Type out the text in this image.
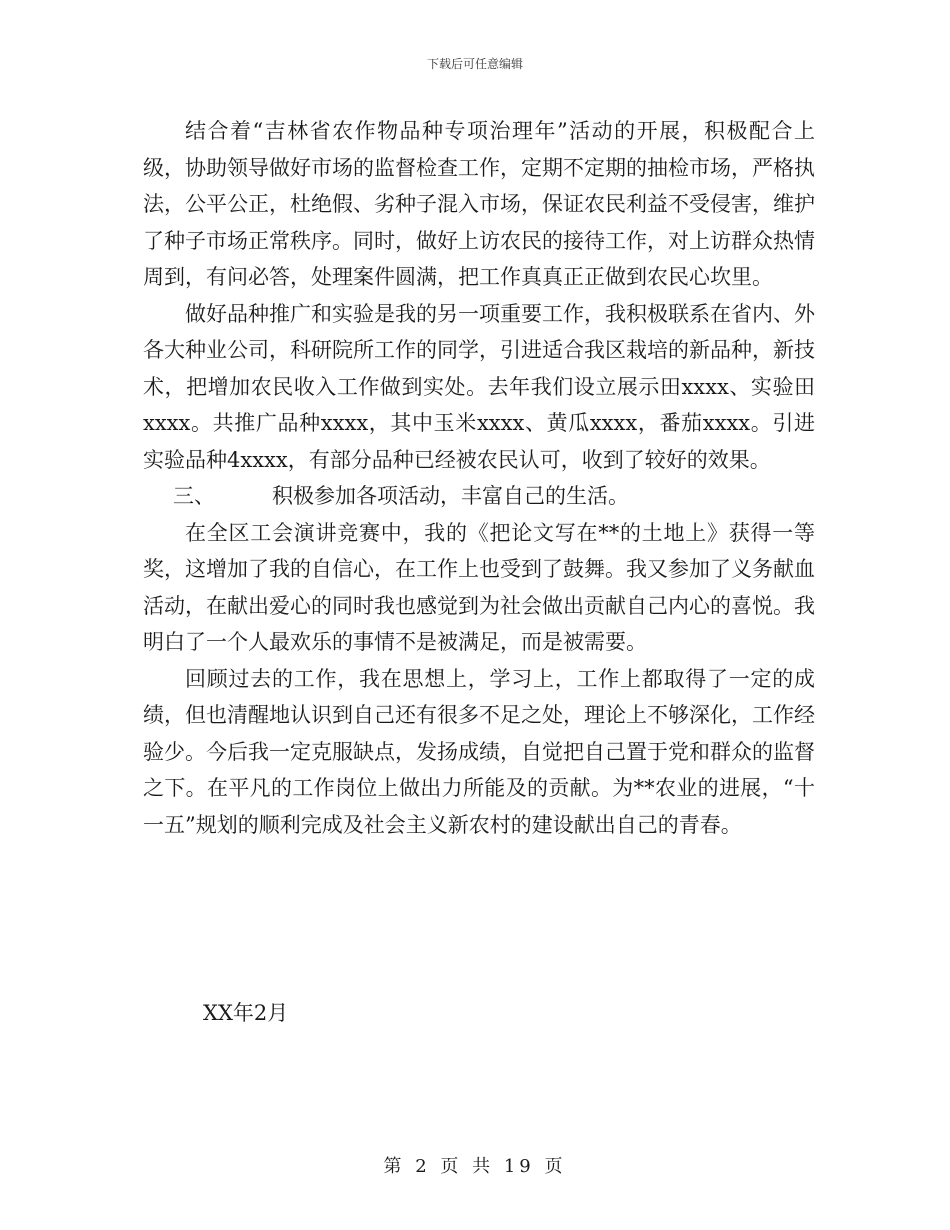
下载后可任意编辑

结合着“吉林省农作物品种专项治理年”活动的开展，积极配合上级，协助领导做好市场的监督检查工作，定期不定期的抽检市场，严格执法，公平公正，杜绝假、劣种子混入市场，保证农民利益不受侵害，维护了种子市场正常秩序。同时，做好上访农民的接待工作，对上访群众热情周到，有问必答，处理案件圆满，把工作真真正正做到农民心坎里。

做好品种推广和实验是我的另一项重要工作，我积极联系在省内、外各大种业公司，科研院所工作的同学，引进适合我区栽培的新品种，新技术，把增加农民收入工作做到实处。去年我们设立展示田xxxx、实验田xxxx。共推广品种xxxx，其中玉米xxxx、黄瓜xxxx，番茄xxxx。引进实验品种4xxxx，有部分品种已经被农民认可，收到了较好的效果。

三、	积极参加各项活动，丰富自己的生活。

在全区工会演讲竞赛中，我的《把论文写在**的土地上》获得一等奖，这增加了我的自信心，在工作上也受到了鼓舞。我又参加了义务献血活动，在献出爱心的同时我也感觉到为社会做出贡献自己内心的喜悦。我明白了一个人最欢乐的事情不是被满足，而是被需要。

回顾过去的工作，我在思想上，学习上，工作上都取得了一定的成绩，但也清醒地认识到自己还有很多不足之处，理论上不够深化，工作经验少。今后我一定克服缺点，发扬成绩，自觉把自己置于党和群众的监督之下。在平凡的工作岗位上做出力所能及的贡献。为**农业的进展，“十一五”规划的顺利完成及社会主义新农村的建设献出自己的青春。

XX年2月
第 2 页 共 19 页
